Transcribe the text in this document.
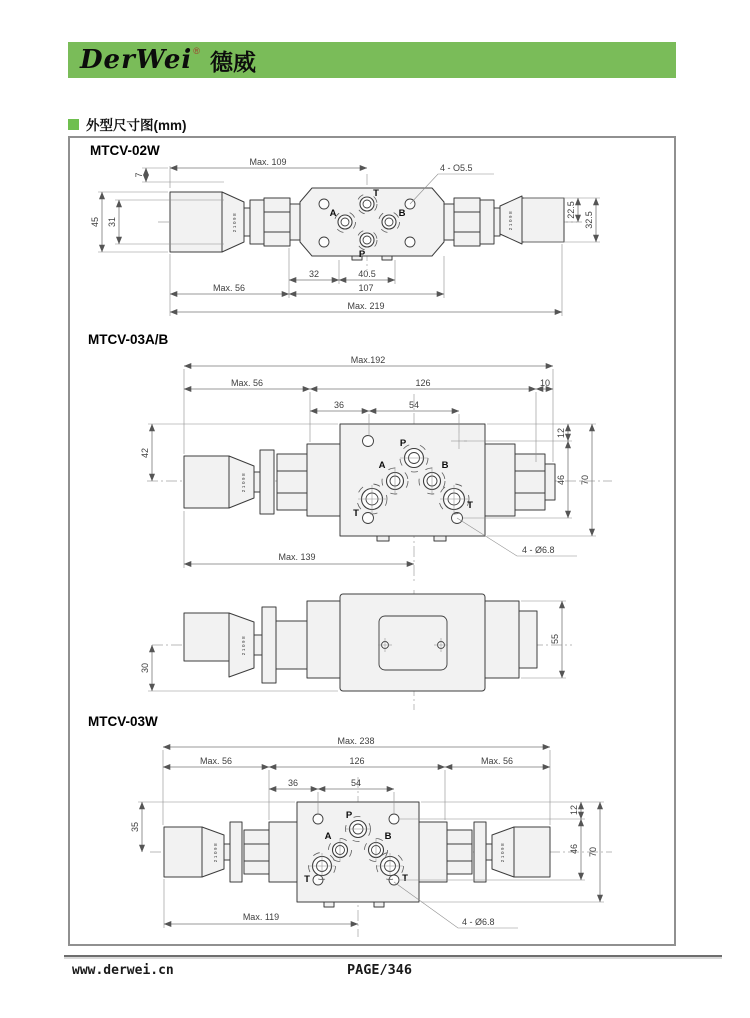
DerWei ® 德威
外型尺寸图(mm)
MTCV-02W
21098
T
A	B
P
21098
7
Max. 109
4 - O5.5
45 31
22.5
32.5
32	40.5
Max. 56	107
Max. 219
MTCV-03A/B
21098
P
A	B
T
T
Max.192
Max. 56	126	10
36	54
42
12
46 70
Max. 139
4 - Ø6.8
21098
30
55
MTCV-03W
21098
P
A	B
T	T
21098
Max. 238
Max. 56	126	Max. 56
36	54
35
12
46 70
Max. 119	4 - Ø6.8
www.derwei.cn	PAGE/346
